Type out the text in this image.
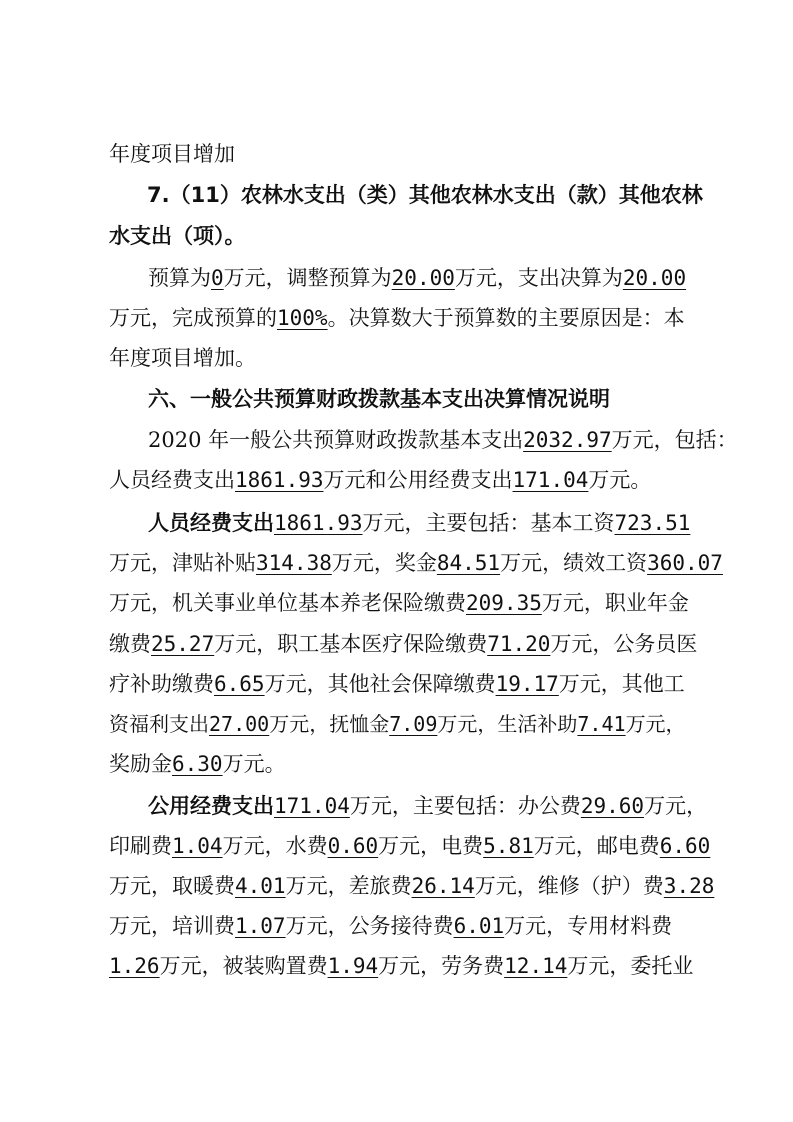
年度项目增加
7.（11）农林水支出（类）其他农林水支出（款）其他农林
水支出（项）。
预算为0万元，调整预算为20.00万元，支出决算为20.00
万元，完成预算的100%。决算数大于预算数的主要原因是：本
年度项目增加。
六、一般公共预算财政拨款基本支出决算情况说明
2020 年一般公共预算财政拨款基本支出2032.97万元，包括：
人员经费支出1861.93万元和公用经费支出171.04万元。
人员经费支出1861.93万元，主要包括：基本工资723.51
万元，津贴补贴314.38万元，奖金84.51万元，绩效工资360.07
万元，机关事业单位基本养老保险缴费209.35万元，职业年金
缴费25.27万元，职工基本医疗保险缴费71.20万元，公务员医
疗补助缴费6.65万元，其他社会保障缴费19.17万元，其他工
资福利支出27.00万元，抚恤金7.09万元，生活补助7.41万元，
奖励金6.30万元。
公用经费支出171.04万元，主要包括：办公费29.60万元，
印刷费1.04万元，水费0.60万元，电费5.81万元，邮电费6.60
万元，取暖费4.01万元，差旅费26.14万元，维修（护）费3.28
万元，培训费1.07万元，公务接待费6.01万元，专用材料费
1.26万元，被装购置费1.94万元，劳务费12.14万元，委托业
